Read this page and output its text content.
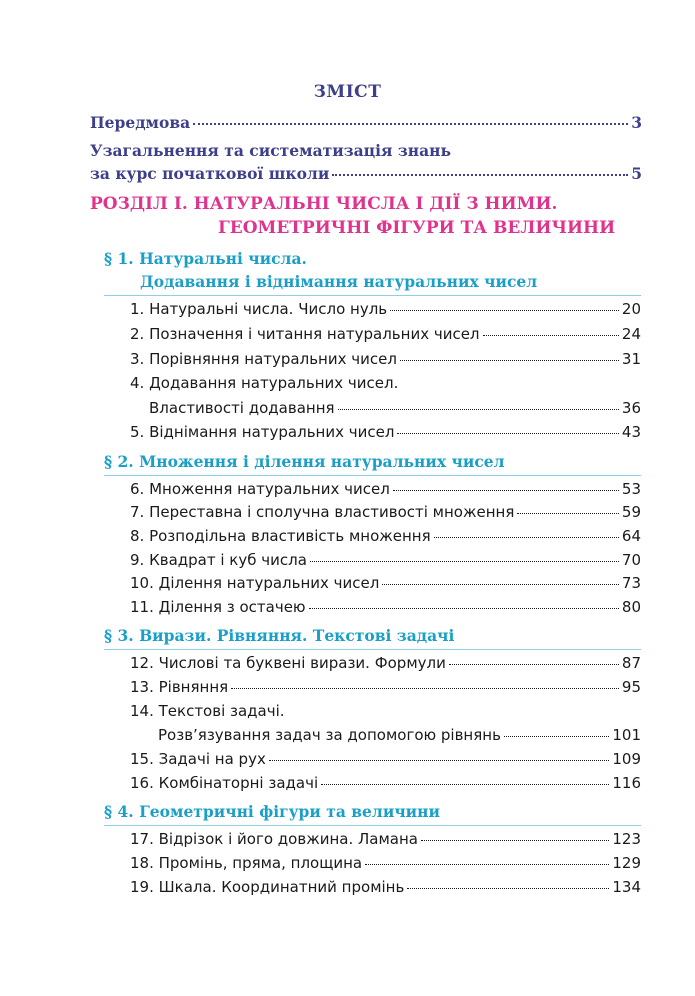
ЗМІСТ
Передмова	3
Узагальнення та систематизація знань
за курс початкової школи	5
РОЗДІЛ І. НАТУРАЛЬНІ ЧИСЛА І ДІЇ З НИМИ.
ГЕОМЕТРИЧНІ ФІГУРИ ТА ВЕЛИЧИНИ
§ 1. Натуральні числа.
Додавання і віднімання натуральних чисел
1. Натуральні числа. Число нуль	20
2. Позначення і читання натуральних чисел	24
3. Порівняння натуральних чисел	31
4. Додавання натуральних чисел.
Властивості додавання	36
5. Віднімання натуральних чисел	43
§ 2. Множення і ділення натуральних чисел
6. Множення натуральних чисел	53
7. Переставна і сполучна властивості множення	59
8. Розподільна властивість множення	64
9. Квадрат і куб числа	70
10. Ділення натуральних чисел	73
11. Ділення з остачею	80
§ 3. Вирази. Рівняння. Текстові задачі
12. Числові та буквені вирази. Формули	87
13. Рівняння	95
14. Текстові задачі.
Розв’язування задач за допомогою рівнянь	101
15. Задачі на рух	109
16. Комбінаторні задачі	116
§ 4. Геометричні фігури та величини
17. Відрізок і його довжина. Ламана	123
18. Промінь, пряма, площина	129
19. Шкала. Координатний промінь	134
